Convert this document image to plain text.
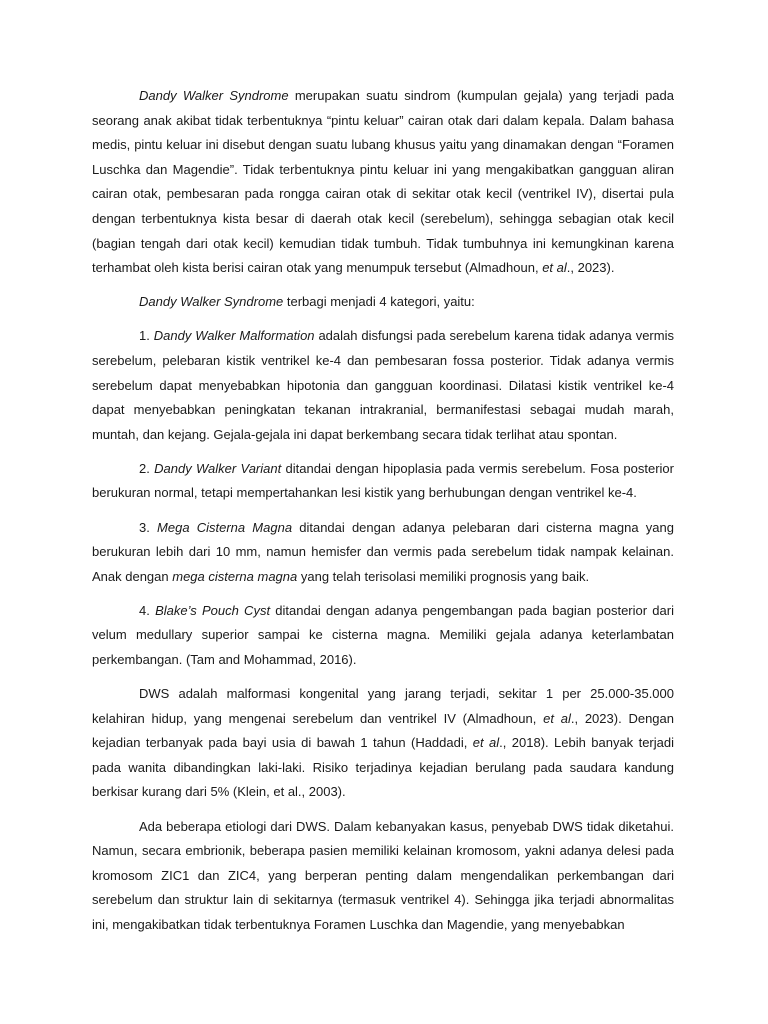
Dandy Walker Syndrome merupakan suatu sindrom (kumpulan gejala) yang terjadi pada seorang anak akibat tidak terbentuknya “pintu keluar” cairan otak dari dalam kepala. Dalam bahasa medis, pintu keluar ini disebut dengan suatu lubang khusus yaitu yang dinamakan dengan “Foramen Luschka dan Magendie”. Tidak terbentuknya pintu keluar ini yang mengakibatkan gangguan aliran cairan otak, pembesaran pada rongga cairan otak di sekitar otak kecil (ventrikel IV), disertai pula dengan terbentuknya kista besar di daerah otak kecil (serebelum), sehingga sebagian otak kecil (bagian tengah dari otak kecil) kemudian tidak tumbuh. Tidak tumbuhnya ini kemungkinan karena terhambat oleh kista berisi cairan otak yang menumpuk tersebut (Almadhoun, et al., 2023).

Dandy Walker Syndrome terbagi menjadi 4 kategori, yaitu:

1. Dandy Walker Malformation adalah disfungsi pada serebelum karena tidak adanya vermis serebelum, pelebaran kistik ventrikel ke-4 dan pembesaran fossa posterior. Tidak adanya vermis serebelum dapat menyebabkan hipotonia dan gangguan koordinasi. Dilatasi kistik ventrikel ke-4 dapat menyebabkan peningkatan tekanan intrakranial, bermanifestasi sebagai mudah marah, muntah, dan kejang. Gejala-gejala ini dapat berkembang secara tidak terlihat atau spontan.

2. Dandy Walker Variant ditandai dengan hipoplasia pada vermis serebelum. Fosa posterior berukuran normal, tetapi mempertahankan lesi kistik yang berhubungan dengan ventrikel ke-4.

3. Mega Cisterna Magna ditandai dengan adanya pelebaran dari cisterna magna yang berukuran lebih dari 10 mm, namun hemisfer dan vermis pada serebelum tidak nampak kelainan. Anak dengan mega cisterna magna yang telah terisolasi memiliki prognosis yang baik.

4. Blake’s Pouch Cyst ditandai dengan adanya pengembangan pada bagian posterior dari velum medullary superior sampai ke cisterna magna. Memiliki gejala adanya keterlambatan perkembangan. (Tam and Mohammad, 2016).

DWS adalah malformasi kongenital yang jarang terjadi, sekitar 1 per 25.000-35.000 kelahiran hidup, yang mengenai serebelum dan ventrikel IV (Almadhoun, et al., 2023). Dengan kejadian terbanyak pada bayi usia di bawah 1 tahun (Haddadi, et al., 2018). Lebih banyak terjadi pada wanita dibandingkan laki-laki. Risiko terjadinya kejadian berulang pada saudara kandung berkisar kurang dari 5% (Klein, et al., 2003).

Ada beberapa etiologi dari DWS. Dalam kebanyakan kasus, penyebab DWS tidak diketahui. Namun, secara embrionik, beberapa pasien memiliki kelainan kromosom, yakni adanya delesi pada kromosom ZIC1 dan ZIC4, yang berperan penting dalam mengendalikan perkembangan dari serebelum dan struktur lain di sekitarnya (termasuk ventrikel 4). Sehingga jika terjadi abnormalitas ini, mengakibatkan tidak terbentuknya Foramen Luschka dan Magendie, yang menyebabkan
